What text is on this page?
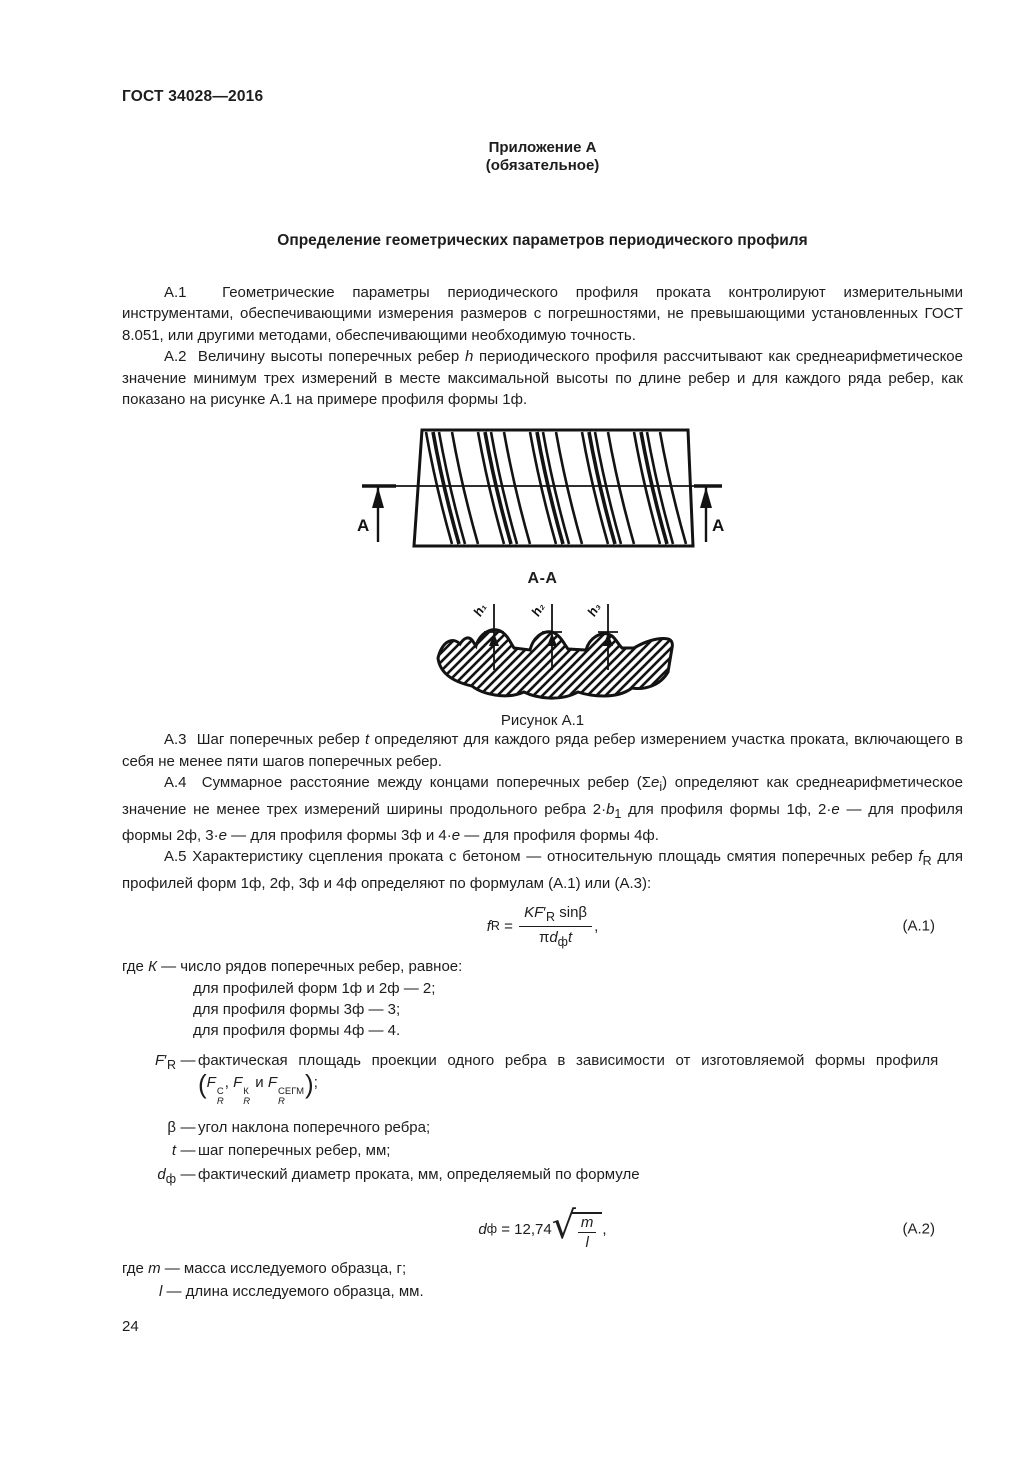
ГОСТ 34028—2016
Приложение А
(обязательное)
Определение геометрических параметров периодического профиля

А.1  Геометрические параметры периодического профиля проката контролируют измерительными инструментами, обеспечивающими измерения размеров с погрешностями, не превышающими установленных ГОСТ 8.051, или другими методами, обеспечивающими необходимую точность.

А.2  Величину высоты поперечных ребер h периодического профиля рассчитывают как среднеарифметическое значение минимум трех измерений в месте максимальной высоты по длине ребер и для каждого ряда ребер, как показано на рисунке А.1 на примере профиля формы 1ф.

А	А
А-А
h₁	h₂	h₃
Рисунок А.1

А.3  Шаг поперечных ребер t определяют для каждого ряда ребер измерением участка проката, включающего в себя не менее пяти шагов поперечных ребер.

А.4  Суммарное расстояние между концами поперечных ребер $(\Sigma е_i)$ определяют как среднеарифметическое значение не менее трех измерений ширины продольного ребра $2\cdot b_1$ для профиля формы 1ф, 2·е — для профиля формы 2ф, 3·е — для профиля формы 3ф и 4·е — для профиля формы 4ф.

А.5 Характеристику сцепления проката с бетоном — относительную площадь смятия поперечных ребер $f_R$ для профилей форм 1ф, 2ф, 3ф и 4ф определяют по формулам (А.1) или (А.3):

f $R = \frac{KF'_R \sin\beta}{\pi d_фt}$ ,	(А.1)
где К — число рядов поперечных ребер, равное:
для профилей форм 1ф и 2ф — 2;
для профиля формы 3ф — 3;
для профиля формы 4ф — 4.
$F'_R$ — фактическая площадь проекции одного ребра в зависимости от изготовляемой формы профиля
(F
С
R
, F
К
R
и F
СЕГМ
R
);
β — угол наклона поперечного ребра;
t — шаг поперечных ребер, мм;
$d_ф$ — фактический диаметр проката, мм, определяемый по формуле
d ф = 12,74 √ $\frac{m}{l}$ ,	(А.2)
где m — масса исследуемого образца, г;
l — длина исследуемого образца, мм.
24
